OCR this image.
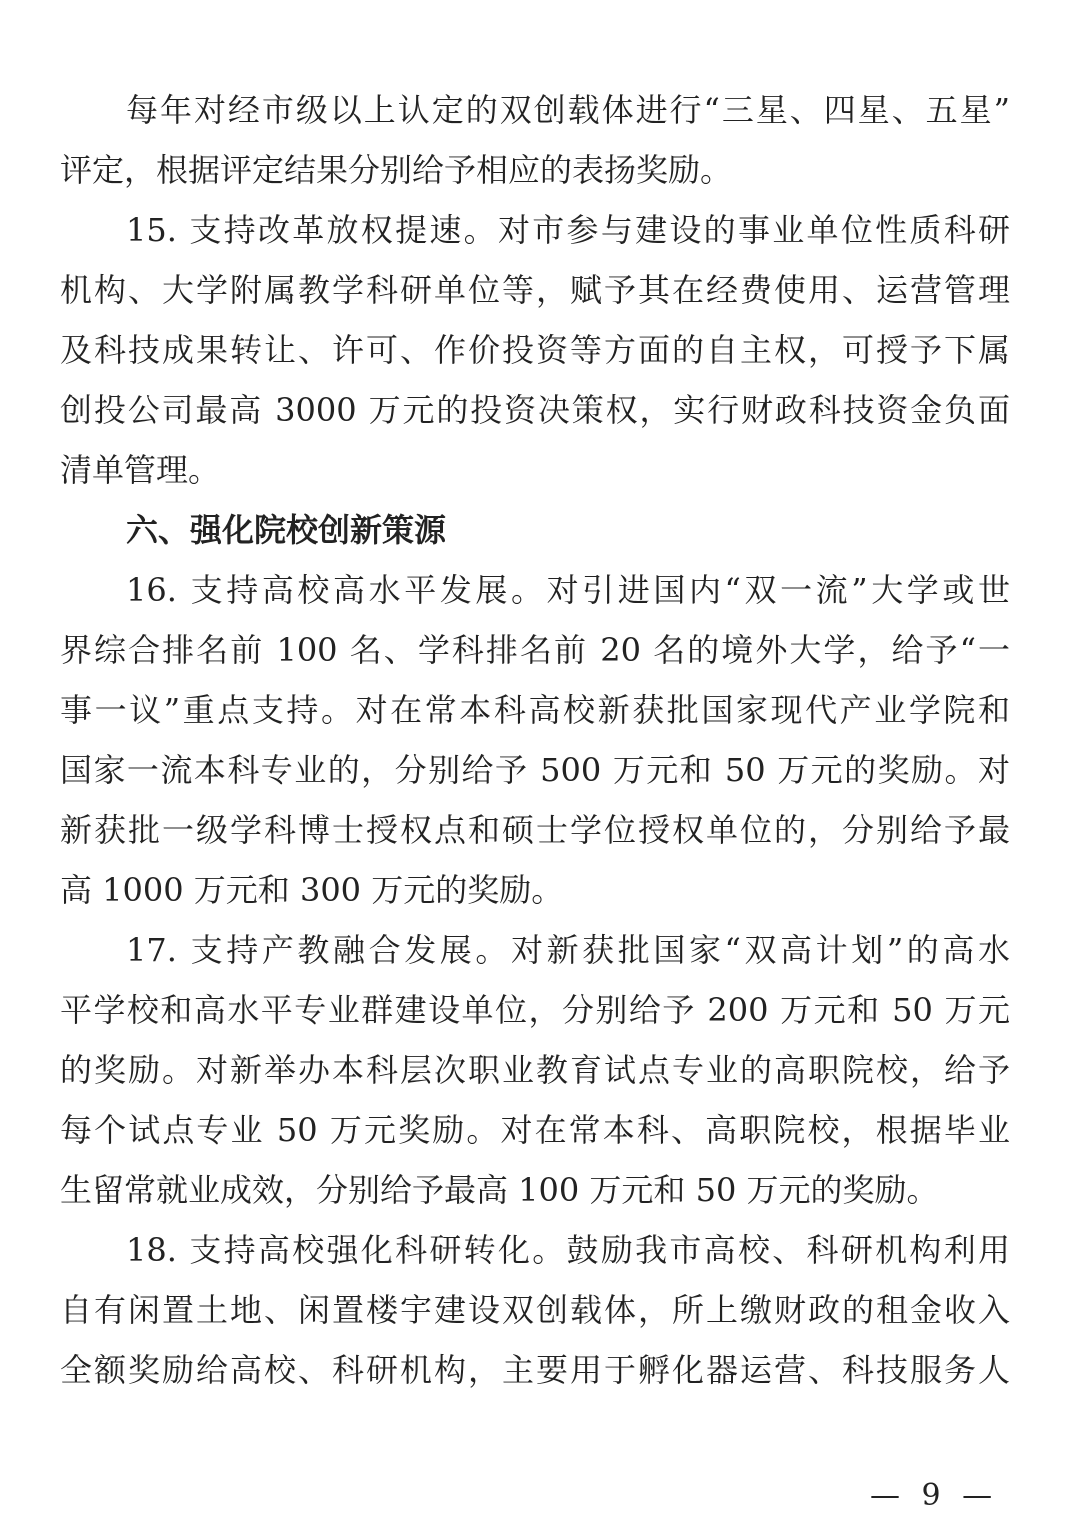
每年对经市级以上认定的双创载体进行“三星、四星、五星”
评定，根据评定结果分别给予相应的表扬奖励。
15. 支持改革放权提速。对市参与建设的事业单位性质科研
机构、大学附属教学科研单位等，赋予其在经费使用、运营管理
及科技成果转让、许可、作价投资等方面的自主权，可授予下属
创投公司最高 3000 万元的投资决策权，实行财政科技资金负面
清单管理。
六、强化院校创新策源
16. 支持高校高水平发展。对引进国内“双一流”大学或世
界综合排名前 100 名、学科排名前 20 名的境外大学，给予“一
事一议”重点支持。对在常本科高校新获批国家现代产业学院和
国家一流本科专业的，分别给予 500 万元和 50 万元的奖励。对
新获批一级学科博士授权点和硕士学位授权单位的，分别给予最
高 1000 万元和 300 万元的奖励。
17. 支持产教融合发展。对新获批国家“双高计划”的高水
平学校和高水平专业群建设单位，分别给予 200 万元和 50 万元
的奖励。对新举办本科层次职业教育试点专业的高职院校，给予
每个试点专业 50 万元奖励。对在常本科、高职院校，根据毕业
生留常就业成效，分别给予最高 100 万元和 50 万元的奖励。
18. 支持高校强化科研转化。鼓励我市高校、科研机构利用
自有闲置土地、闲置楼宇建设双创载体，所上缴财政的租金收入
全额奖励给高校、科研机构，主要用于孵化器运营、科技服务人
— 9 —
